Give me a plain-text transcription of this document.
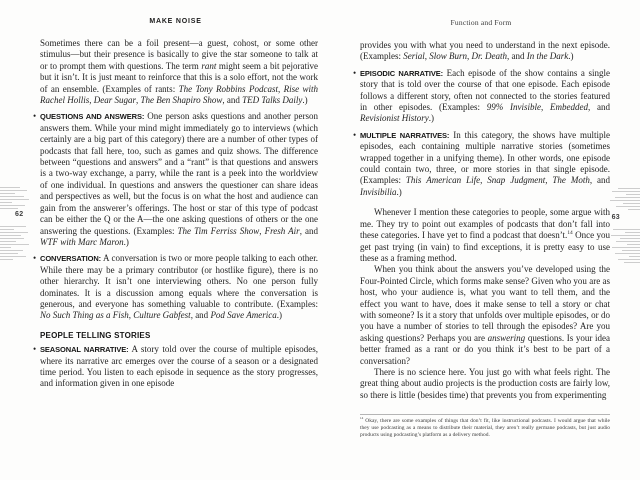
MAKE NOISE

Sometimes there can be a foil present—a guest, cohost, or some other stimulus—but their presence is basically to give the star someone to talk at or to prompt them with questions. The term rant might seem a bit pejorative but it isn’t. It is just meant to reinforce that this is a solo effort, not the work of an ensemble. (Examples of rants: The Tony Robbins Podcast, Rise with Rachel Hollis, Dear Sugar, The Ben Shapiro Show, and TED Talks Daily.)

• QUESTIONS AND ANSWERS: One person asks questions and another person answers them. While your mind might immediately go to interviews (which certainly are a big part of this category) there are a number of other types of podcasts that fall here, too, such as games and quiz shows. The difference between “questions and answers” and a “rant” is that questions and answers is a two-way exchange, a parry, while the rant is a peek into the worldview of one individual. In questions and answers the questioner can share ideas and perspectives as well, but the focus is on what the host and audience can gain from the answerer’s offerings. The host or star of this type of podcast can be either the Q or the A—the one asking questions of others or the one answering the questions. (Examples: The Tim Ferriss Show, Fresh Air, and WTF with Marc Maron.)
• CONVERSATION: A conversation is two or more people talking to each other. While there may be a primary contributor (or hostlike figure), there is no other hierarchy. It isn’t one interviewing others. No one person fully dominates. It is a discussion among equals where the conversation is generous, and everyone has something valuable to contribute. (Examples: No Such Thing as a Fish, Culture Gabfest, and Pod Save America.)
PEOPLE TELLING STORIES
• SEASONAL NARRATIVE: A story told over the course of multiple episodes, where its narrative arc emerges over the course of a season or a designated time period. You listen to each episode in sequence as the story progresses, and information given in one episode
Function and Form

provides you with what you need to understand in the next episode. (Examples: Serial, Slow Burn, Dr. Death, and In the Dark.)

• EPISODIC NARRATIVE: Each episode of the show contains a single story that is told over the course of that one episode. Each episode follows a different story, often not connected to the stories featured in other episodes. (Examples: 99% Invisible, Embedded, and Revisionist History.)
• MULTIPLE NARRATIVES: In this category, the shows have multiple episodes, each containing multiple narrative stories (sometimes wrapped together in a unifying theme). In other words, one episode could contain two, three, or more stories in that single episode. (Examples: This American Life, Snap Judgment, The Moth, and Invisibilia.)

Whenever I mention these categories to people, some argue with me. They try to point out examples of podcasts that don’t fall into these categories. I have yet to find a podcast that doesn’t.$^{14}$ Once you get past trying (in vain) to find exceptions, it is pretty easy to use these as a framing method.

When you think about the answers you’ve developed using the Four-Pointed Circle, which forms make sense? Given who you are as host, who your audience is, what you want to tell them, and the effect you want to have, does it make sense to tell a story or chat with someone? Is it a story that unfolds over multiple episodes, or do you have a number of stories to tell through the episodes? Are you asking questions? Perhaps you are answering questions. Is your idea better framed as a rant or do you think it’s best to be part of a conversation?

There is no science here. You just go with what feels right. The great thing about audio projects is the production costs are fairly low, so there is little (besides time) that prevents you from experimenting

$^{14}$ Okay, there are some examples of things that don’t fit, like instructional podcasts. I would argue that while they use podcasting as a means to distribute their material, they aren’t really germane podcasts, but just audio products using podcasting’s platform as a delivery method.
62	63
